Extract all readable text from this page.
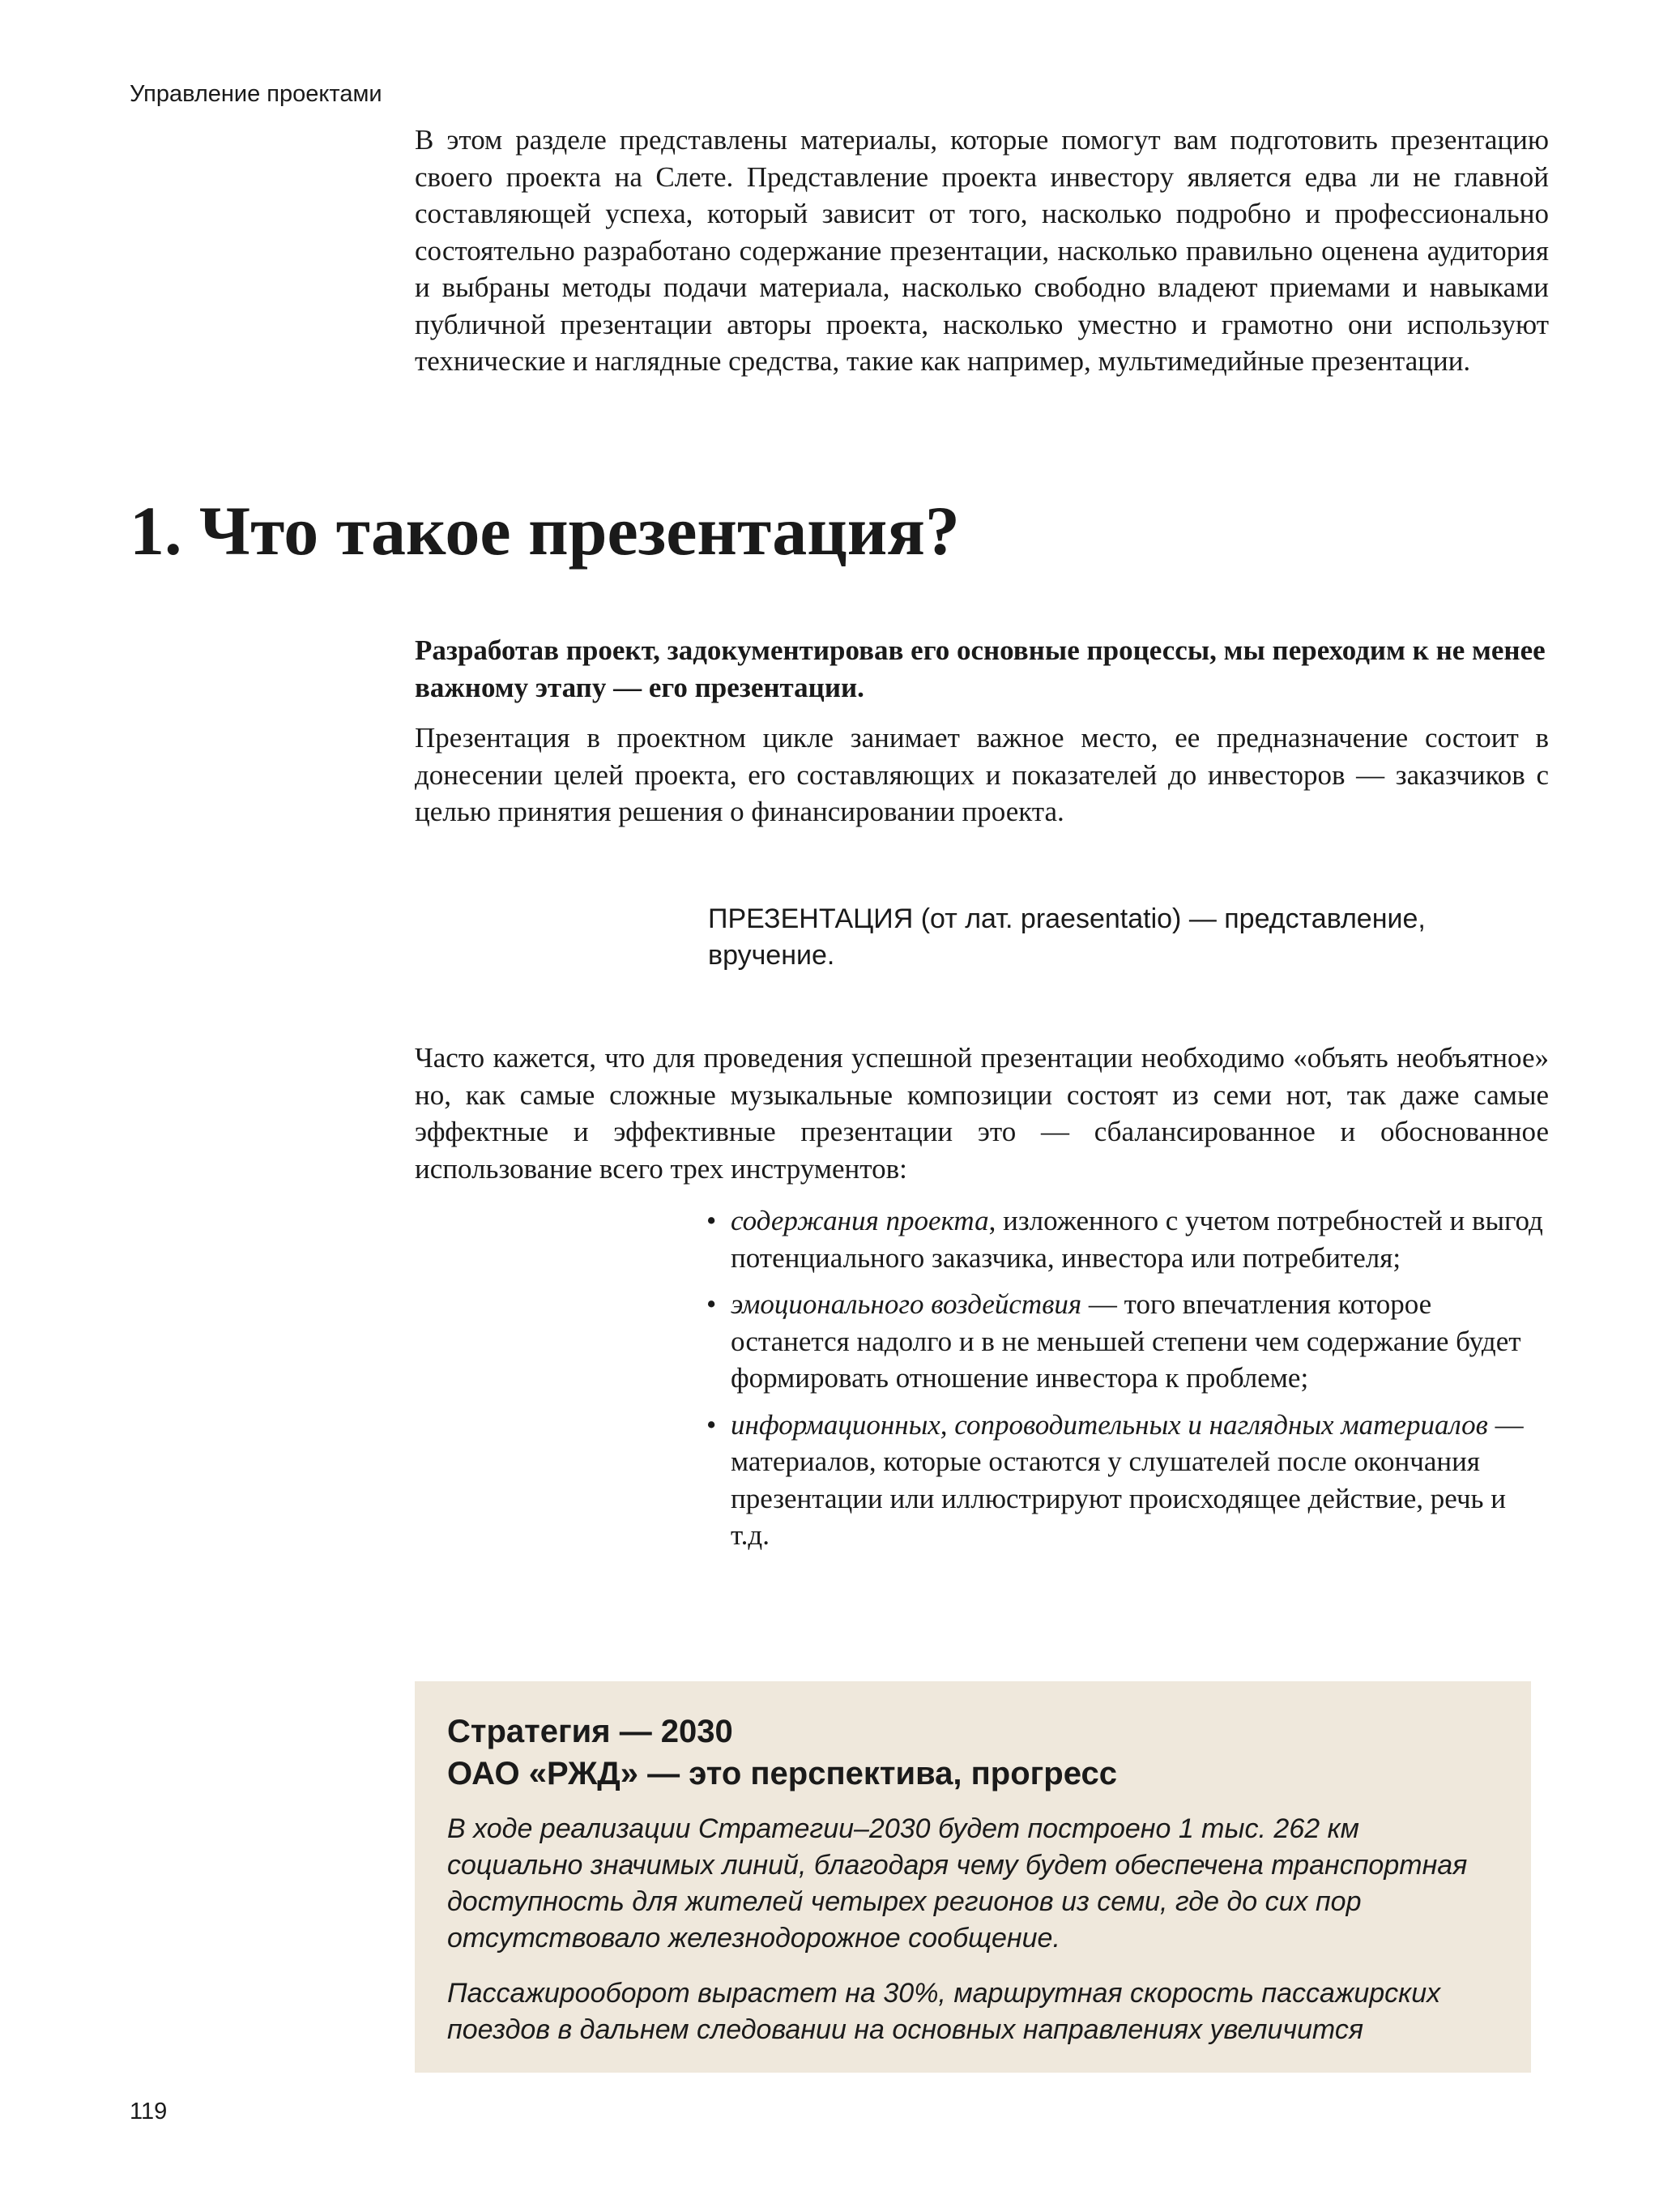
Управление проектами

В этом разделе представлены материалы, которые помогут вам подготовить презентацию своего проекта на Слете. Представление проекта инвестору является едва ли не главной составляющей успеха, который зависит от того, насколько подробно и профессионально состоятельно разработано содержание презентации, насколько правильно оценена аудитория и выбраны методы подачи материала, насколько свободно владеют приемами и навыками публичной презентации авторы проекта, насколько уместно и грамотно они используют технические и наглядные средства, такие как например, мультимедийные презентации.

1. Что такое презентация?

Разработав проект, задокументировав его основные процессы, мы переходим к не менее важному этапу — его презентации.

Презентация в проектном цикле занимает важное место, ее предназначение состоит в донесении целей проекта, его составляющих и показателей до инвесторов — заказчиков с целью принятия решения о финансировании проекта.

ПРЕЗЕНТАЦИЯ (от лат. praesentatio) — представление,
вручение.

Часто кажется, что для проведения успешной презентации необходимо «объять необъятное» но, как самые сложные музыкальные композиции состоят из семи нот, так даже самые эффектные и эффективные презентации это — сбалансированное и обоснованное использование всего трех инструментов:

• содержания проекта, изложенного с учетом потребностей и выгод потенциального заказчика, инвестора или потребителя;
• эмоционального воздействия — того впечатления которое останется надолго и в не меньшей степени чем содержание будет формировать отношение инвестора к проблеме;
• информационных, сопроводительных и наглядных материалов — материалов, которые остаются у слушателей после окончания презентации или иллюстрируют происходящее действие, речь и т.д.
Стратегия — 2030
ОАО «РЖД» — это перспектива, прогресс
В ходе реализации Стратегии–2030 будет построено 1 тыс. 262 км социально значимых линий, благодаря чему будет обеспечена транспортная доступность для жителей четырех регионов из семи, где до сих пор отсутствовало железнодорожное сообщение.
Пассажирооборот вырастет на 30%, маршрутная скорость пассажирских поездов в дальнем следовании на основных направлениях увеличится
119
